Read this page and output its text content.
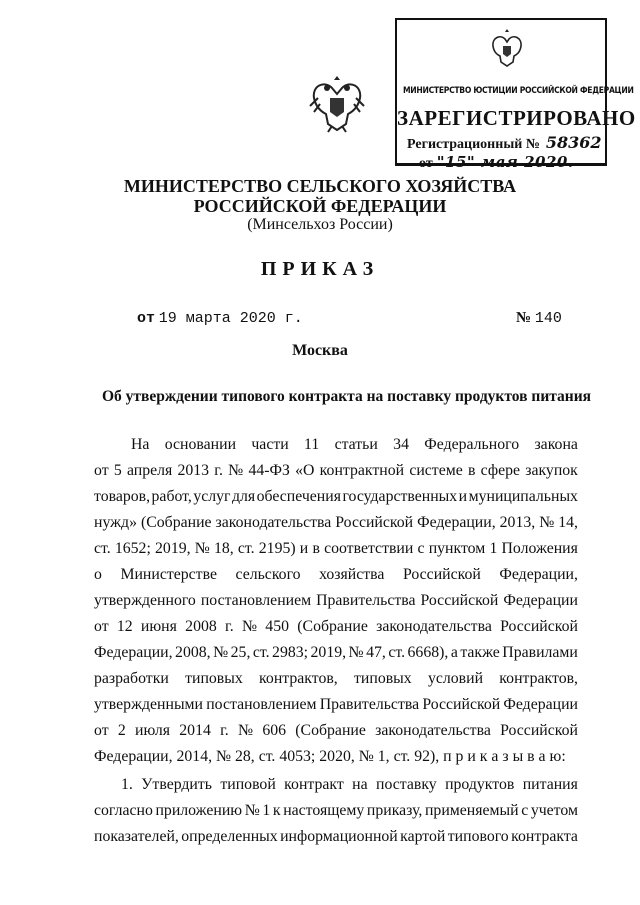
МИНИСТЕРСТВО ЮСТИЦИИ РОССИЙСКОЙ ФЕДЕРАЦИИ
ЗАРЕГИСТРИРОВАНО
Регистрационный № 58362
от "15" мая 2020.
МИНИСТЕРСТВО СЕЛЬСКОГО ХОЗЯЙСТВА
РОССИЙСКОЙ ФЕДЕРАЦИИ
(Минсельхоз России)
ПРИКАЗ
от 19 марта 2020 г.	№ 140
Москва
Об утверждении типового контракта на поставку продуктов питания
На основании части 11 статьи 34 Федерального закона
от 5 апреля 2013 г. № 44-ФЗ «О контрактной системе в сфере закупок
товаров, работ, услуг для обеспечения государственных и муниципальных
нужд» (Собрание законодательства Российской Федерации, 2013, № 14,
ст. 1652; 2019, № 18, ст. 2195) и в соответствии с пунктом 1 Положения
о Министерстве сельского хозяйства Российской Федерации,
утвержденного постановлением Правительства Российской Федерации
от 12 июня 2008 г. № 450 (Собрание законодательства Российской
Федерации, 2008, № 25, ст. 2983; 2019, № 47, ст. 6668), а также Правилами
разработки типовых контрактов, типовых условий контрактов,
утвержденными постановлением Правительства Российской Федерации
от 2 июля 2014 г. № 606 (Собрание законодательства Российской
Федерации, 2014, № 28, ст. 4053; 2020, № 1, ст. 92), п р и к а з ы в а ю:
1. Утвердить типовой контракт на поставку продуктов питания
согласно приложению № 1 к настоящему приказу, применяемый с учетом
показателей, определенных информационной картой типового контракта
